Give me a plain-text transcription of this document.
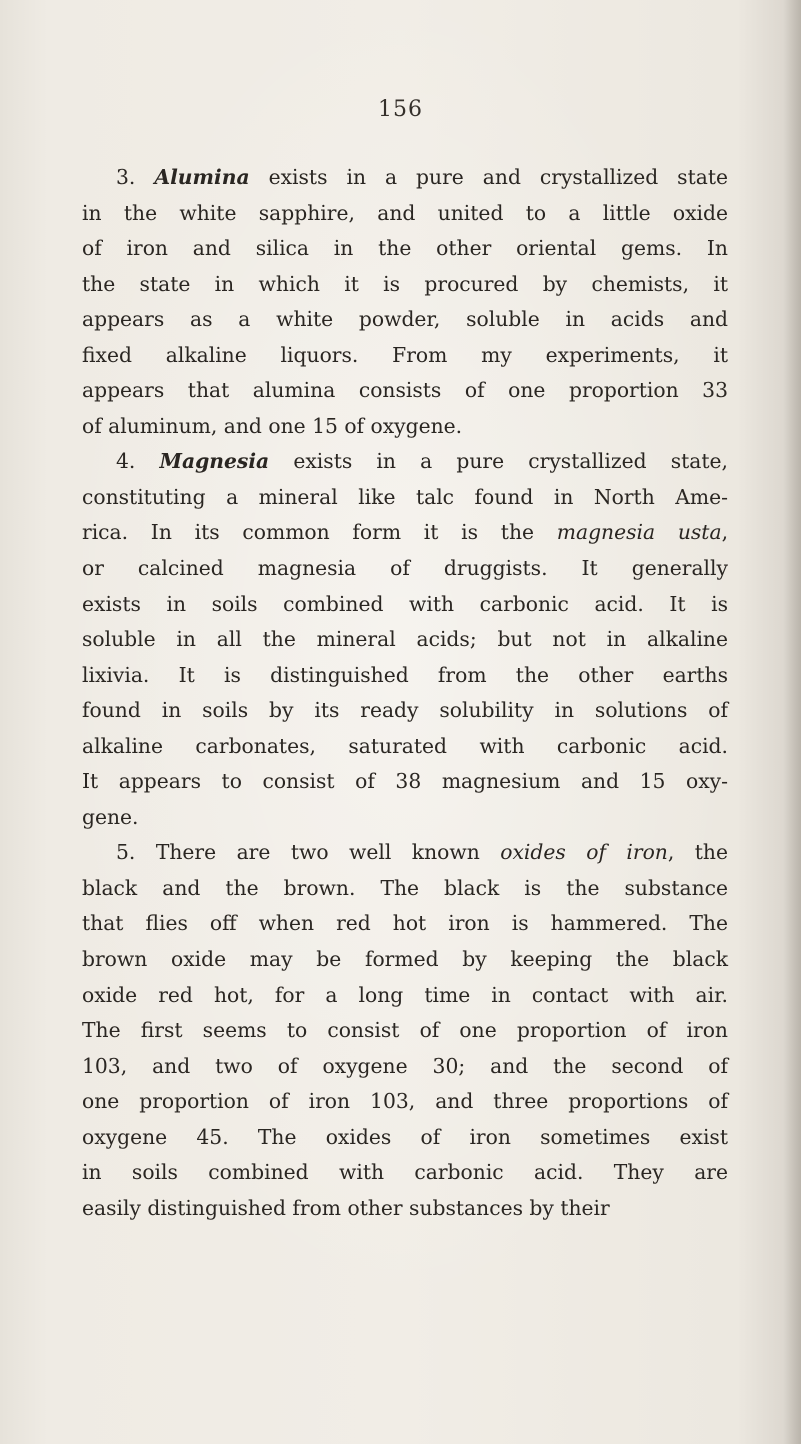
156
3. Alumina exists in a pure and crystallized state
in the white sapphire, and united to a little oxide
of iron and silica in the other oriental gems. In
the state in which it is procured by chemists, it
appears as a white powder, soluble in acids and
fixed alkaline liquors. From my experiments, it
appears that alumina consists of one proportion 33
of aluminum, and one 15 of oxygene.
4. Magnesia exists in a pure crystallized state,
constituting a mineral like talc found in North Ame-
rica. In its common form it is the magnesia usta,
or calcined magnesia of druggists. It generally
exists in soils combined with carbonic acid. It is
soluble in all the mineral acids; but not in alkaline
lixivia. It is distinguished from the other earths
found in soils by its ready solubility in solutions of
alkaline carbonates, saturated with carbonic acid.
It appears to consist of 38 magnesium and 15 oxy-
gene.
5. There are two well known oxides of iron, the
black and the brown. The black is the substance
that flies off when red hot iron is hammered. The
brown oxide may be formed by keeping the black
oxide red hot, for a long time in contact with air.
The first seems to consist of one proportion of iron
103, and two of oxygene 30; and the second of
one proportion of iron 103, and three proportions of
oxygene 45. The oxides of iron sometimes exist
in soils combined with carbonic acid. They are
easily distinguished from other substances by their
